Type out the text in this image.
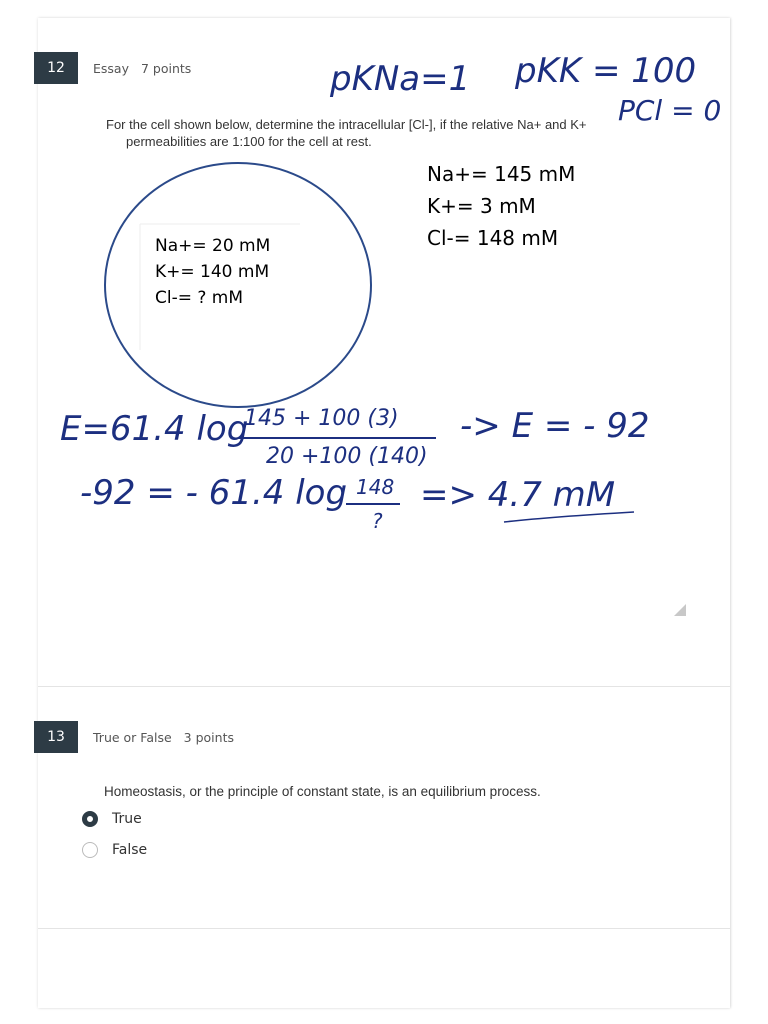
12 Essay 7 points
For the cell shown below, determine the intracellular [Cl-], if the relative Na+ and K+
permeabilities are 1:100 for the cell at rest.
Na+= 20 mM
K+= 140 mM
Cl-= ? mM
Na+= 145 mM
K+= 3 mM
Cl-= 148 mM
pKNa=1 pKK = 100
PCl = 0
E=61.4 log
145 + 100 (3)
20 +100 (140)
-> E = - 92
-92 = - 61.4 log 148
?
=> 4.7 mM
13 True or False 3 points
Homeostasis, or the principle of constant state, is an equilibrium process.
True
False
